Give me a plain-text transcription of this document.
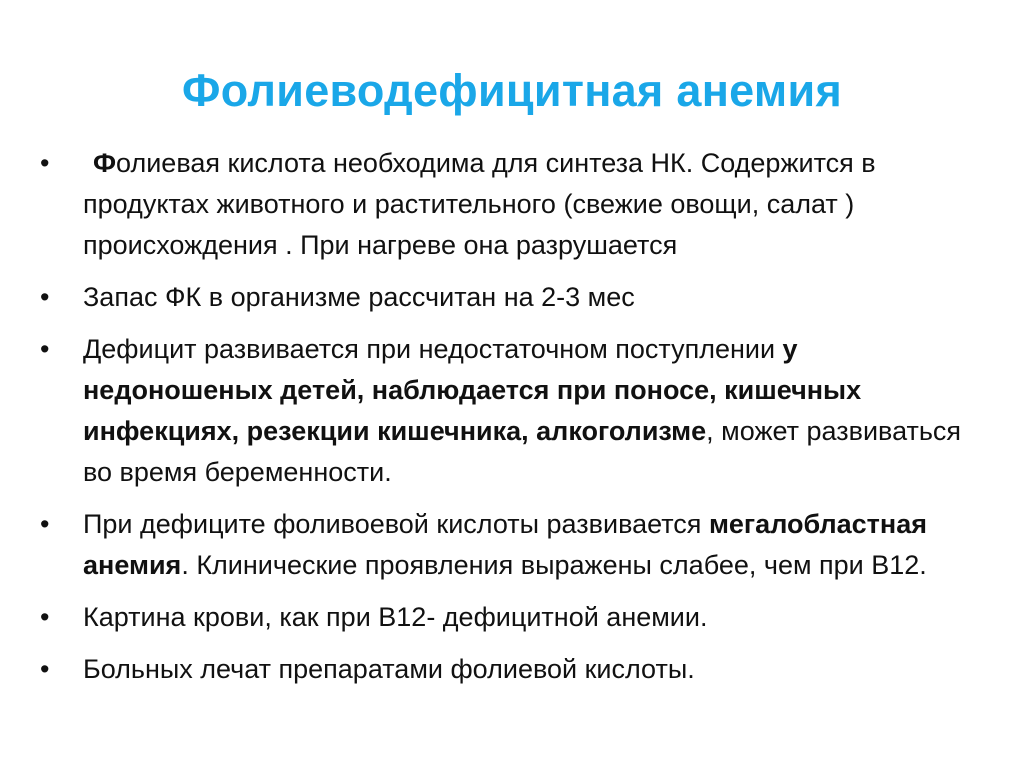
Фолиеводефицитная анемия
• Фолиевая кислота необходима для синтеза НК. Содержится в продуктах животного и растительного (свежие овощи, салат ) происхождения . При нагреве она разрушается
• Запас ФК в организме рассчитан на 2-3 мес
• Дефицит развивается при недостаточном поступлении у недоношеных детей, наблюдается при поносе, кишечных инфекциях, резекции кишечника, алкоголизме, может развиваться во время беременности.
• При дефиците фоливоевой кислоты развивается мегалобластная анемия. Клинические проявления выражены слабее, чем при В12.
• Картина крови, как при В12- дефицитной анемии.
• Больных лечат препаратами фолиевой кислоты.
